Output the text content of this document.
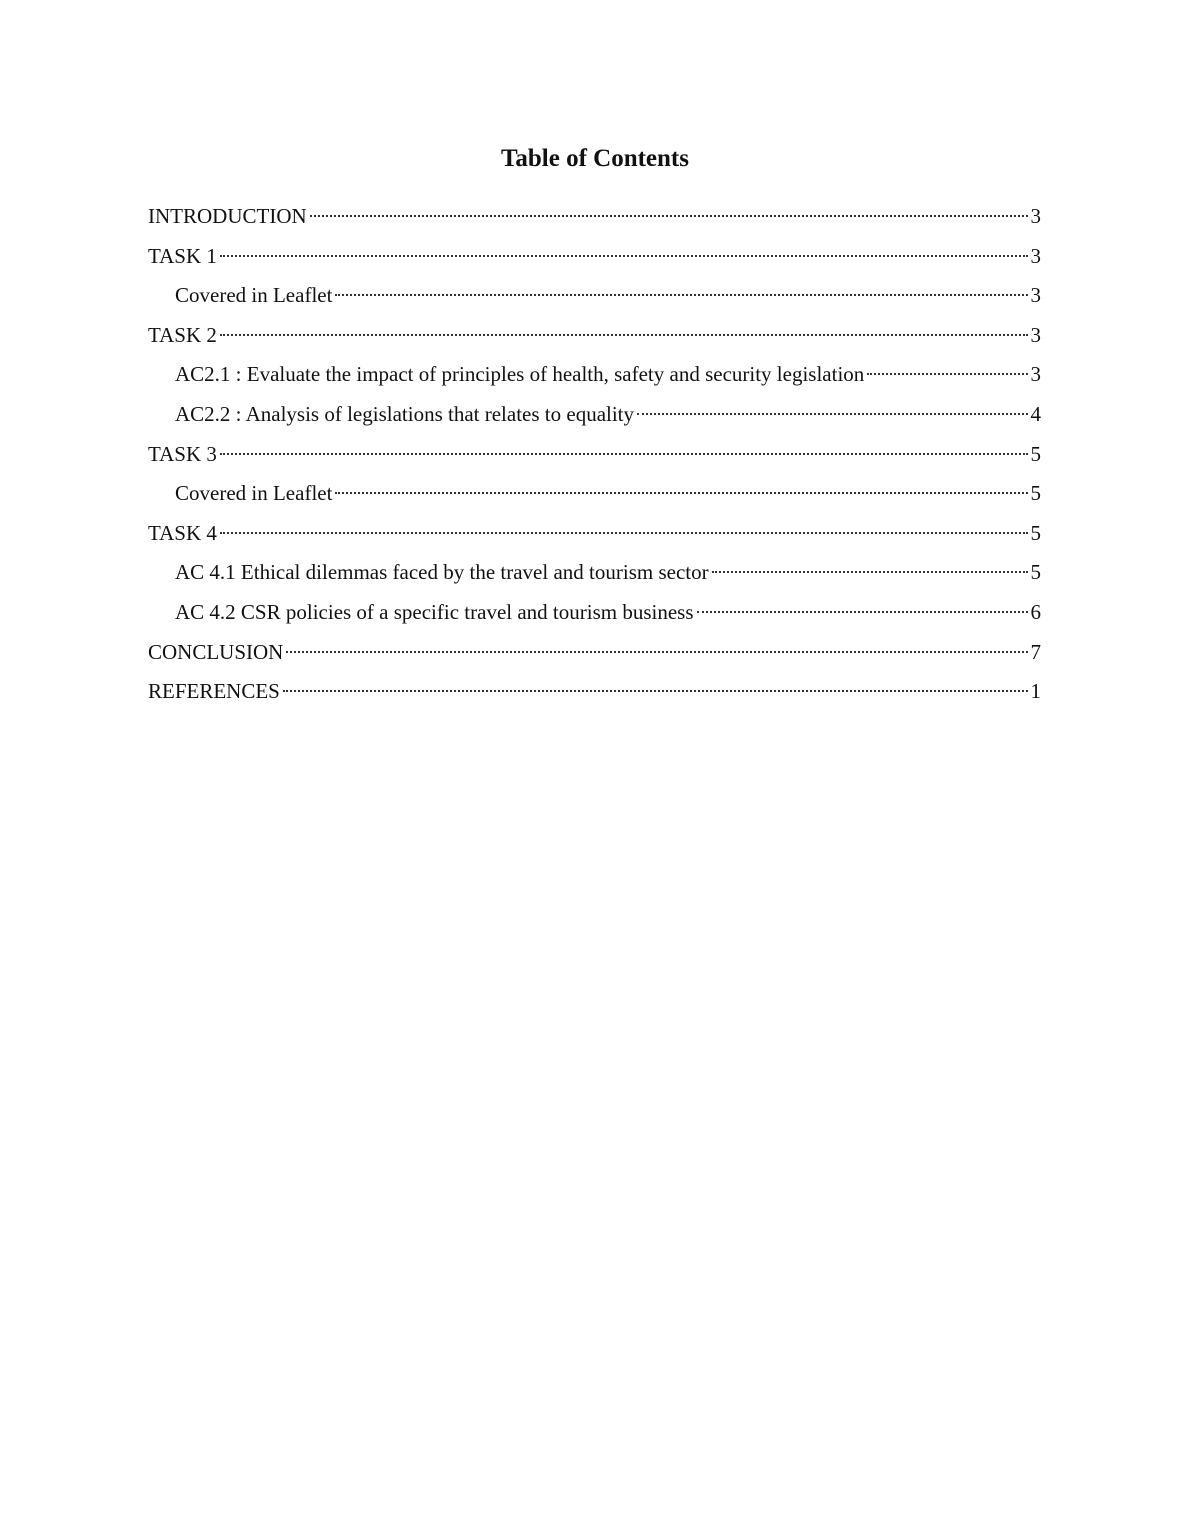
Table of Contents
INTRODUCTION	3
TASK 1	3
Covered in Leaflet	3
TASK 2	3
AC2.1 : Evaluate the impact of principles of health, safety and security legislation	3
AC2.2 : Analysis of legislations that relates to equality	4
TASK 3	5
Covered in Leaflet	5
TASK 4	5
AC 4.1 Ethical dilemmas faced by the travel and tourism sector	5
AC 4.2 CSR policies of a specific travel and tourism business	6
CONCLUSION	7
REFERENCES	1
